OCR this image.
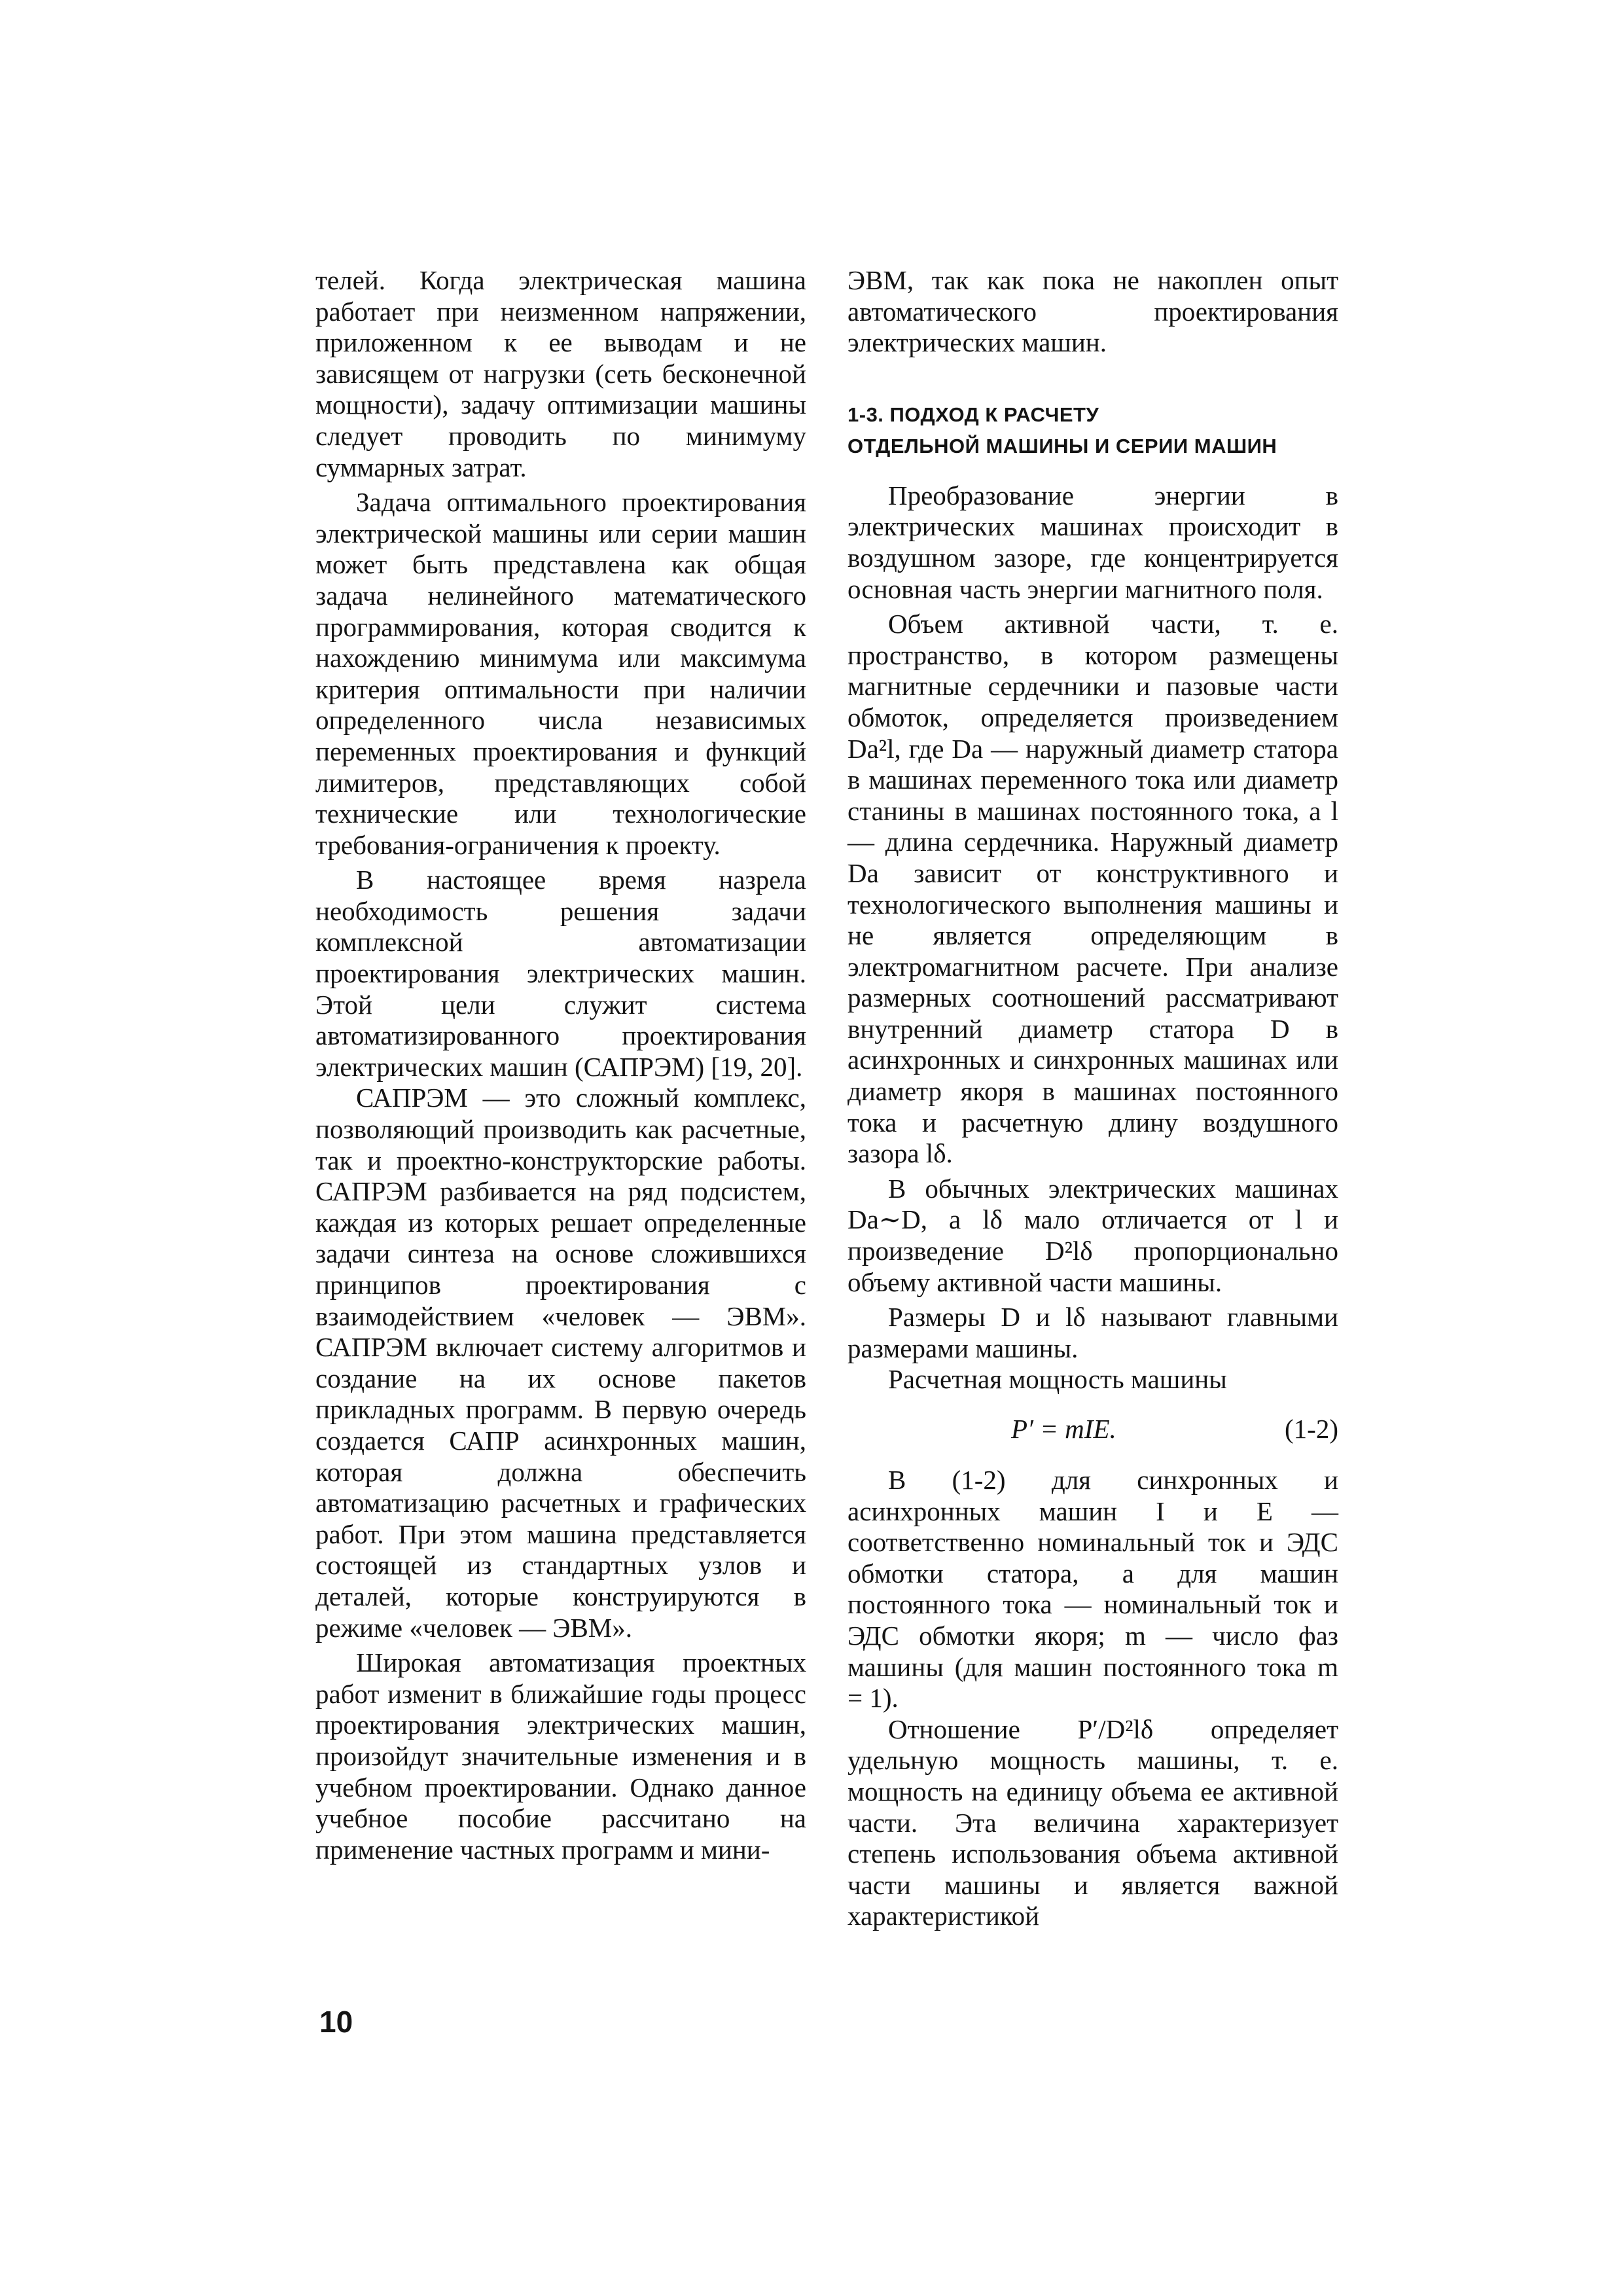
телей. Когда электрическая машина работает при неизменном напряжении, приложенном к ее выводам и не зависящем от нагрузки (сеть бесконечной мощности), задачу оптимизации машины следует проводить по минимуму суммарных затрат.

Задача оптимального проектирования электрической машины или серии машин может быть представлена как общая задача нелинейного математического программирования, которая сводится к нахождению минимума или максимума критерия оптимальности при наличии определенного числа независимых переменных проектирования и функций лимитеров, представляющих собой технические или технологические требования-ограничения к проекту.

В настоящее время назрела необходимость решения задачи комплексной автоматизации проектирования электрических машин. Этой цели служит система автоматизированного проектирования электрических машин (САПРЭМ) [19, 20].

САПРЭМ — это сложный комплекс, позволяющий производить как расчетные, так и проектно-конструкторские работы. САПРЭМ разбивается на ряд подсистем, каждая из которых решает определенные задачи синтеза на основе сложившихся принципов проектирования с взаимодействием «человек — ЭВМ». САПРЭМ включает систему алгоритмов и создание на их основе пакетов прикладных программ. В первую очередь создается САПР асинхронных машин, которая должна обеспечить автоматизацию расчетных и графических работ. При этом машина представляется состоящей из стандартных узлов и деталей, которые конструируются в режиме «человек — ЭВМ».

Широкая автоматизация проектных работ изменит в ближайшие годы процесс проектирования электрических машин, произойдут значительные изменения и в учебном проектировании. Однако данное учебное пособие рассчитано на применение частных программ и мини-

ЭВМ, так как пока не накоплен опыт автоматического проектирования электрических машин.

1-3. ПОДХОД К РАСЧЕТУ
ОТДЕЛЬНОЙ МАШИНЫ И СЕРИИ МАШИН

Преобразование энергии в электрических машинах происходит в воздушном зазоре, где концентрируется основная часть энергии магнитного поля.

Объем активной части, т. е. пространство, в котором размещены магнитные сердечники и пазовые части обмоток, определяется произведением Da²l, где Da — наружный диаметр статора в машинах переменного тока или диаметр станины в машинах постоянного тока, а l — длина сердечника. Наружный диаметр Da зависит от конструктивного и технологического выполнения машины и не является определяющим в электромагнитном расчете. При анализе размерных соотношений рассматривают внутренний диаметр статора D в асинхронных и синхронных машинах или диаметр якоря в машинах постоянного тока и расчетную длину воздушного зазора lδ.

В обычных электрических машинах Da∼D, а lδ мало отличается от l и произведение D²lδ пропорционально объему активной части машины.

Размеры D и lδ называют главными размерами машины.

Расчетная мощность машины

P′ = mIE.	(1-2)

В (1-2) для синхронных и асинхронных машин I и E — соответственно номинальный ток и ЭДС обмотки статора, а для машин постоянного тока — номинальный ток и ЭДС обмотки якоря; m — число фаз машины (для машин постоянного тока m = 1).

Отношение P′/D²lδ определяет удельную мощность машины, т. е. мощность на единицу объема ее активной части. Эта величина характеризует степень использования объема активной части машины и является важной характеристикой

10
